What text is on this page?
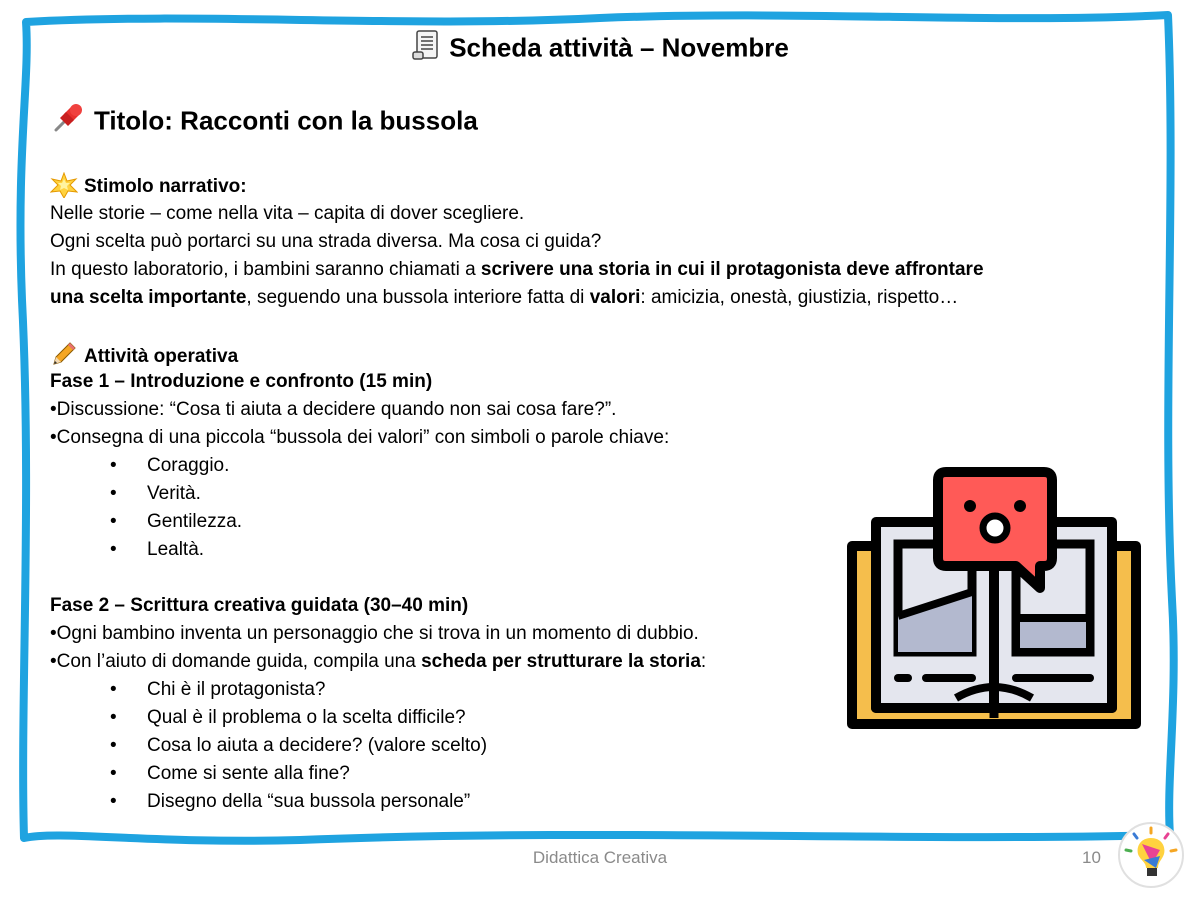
Scheda attività – Novembre
Titolo: Racconti con la bussola
Stimolo narrativo:
Nelle storie – come nella vita – capita di dover scegliere.
Ogni scelta può portarci su una strada diversa. Ma cosa ci guida?
In questo laboratorio, i bambini saranno chiamati a scrivere una storia in cui il protagonista deve affrontare
una scelta importante, seguendo una bussola interiore fatta di valori: amicizia, onestà, giustizia, rispetto…
Attività operativa
Fase 1 – Introduzione e confronto (15 min)
•Discussione: “Cosa ti aiuta a decidere quando non sai cosa fare?”.
•Consegna di una piccola “bussola dei valori” con simboli o parole chiave:
• Coraggio.
• Verità.
• Gentilezza.
• Lealtà.
Fase 2 – Scrittura creativa guidata (30–40 min)
•Ogni bambino inventa un personaggio che si trova in un momento di dubbio.
•Con l’aiuto di domande guida, compila una scheda per strutturare la storia:
• Chi è il protagonista?
• Qual è il problema o la scelta difficile?
• Cosa lo aiuta a decidere? (valore scelto)
• Come si sente alla fine?
• Disegno della “sua bussola personale”
Didattica Creativa	10
